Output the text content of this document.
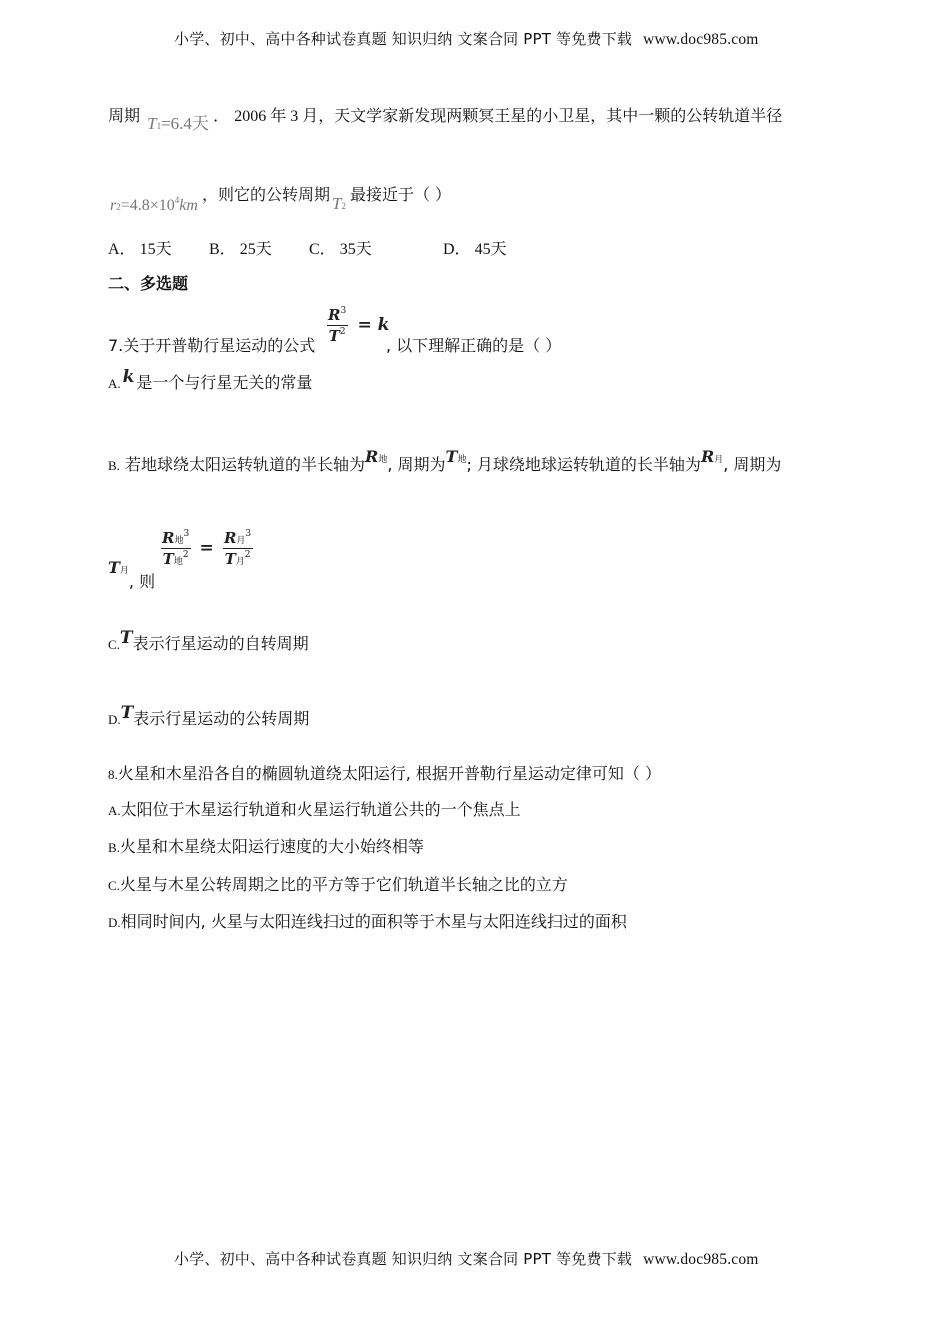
小学、初中、高中各种试卷真题 知识归纳 文案合同 PPT 等免费下载 www.doc985.com
周期 T1=6.4天 ． 2006 年 3 月，天文学家新发现两颗冥王星的小卫星，其中一颗的公转轨道半径
$r2=4.8\times 10^4km$ ，则它的公转周期 T2最接近于（ ）
A． 15天 B． 25天 C． 35天	D． 45天
二、多选题
7.关于开普勒行星运动的公式
$\frac{R^3}{T^2} = k$
, 以下理解正确的是（ ）
A. k 是一个与行星无关的常量
B. 若地球绕太阳运转轨道的半长轴为R地, 周期为T地; 月球绕地球运转轨道的长半轴为R月, 周期为
T月, 则
$\frac{R地^3}{T地^2} = \frac{R月^3}{T月^2}$
C.T表示行星运动的自转周期
D.T表示行星运动的公转周期
8.火星和木星沿各自的椭圆轨道绕太阳运行, 根据开普勒行星运动定律可知（ ）
A.太阳位于木星运行轨道和火星运行轨道公共的一个焦点上
B.火星和木星绕太阳运行速度的大小始终相等
C.火星与木星公转周期之比的平方等于它们轨道半长轴之比的立方
D.相同时间内, 火星与太阳连线扫过的面积等于木星与太阳连线扫过的面积
小学、初中、高中各种试卷真题 知识归纳 文案合同 PPT 等免费下载 www.doc985.com
